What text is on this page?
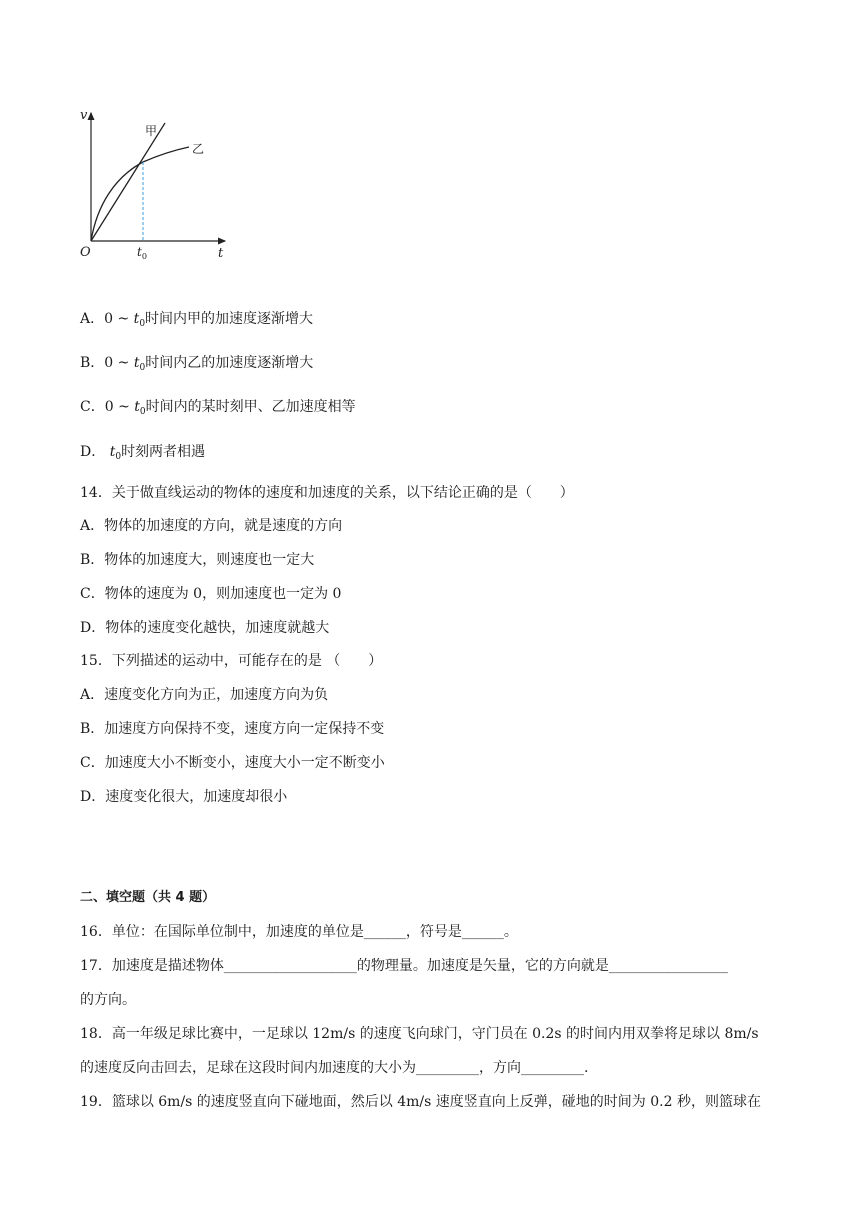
v
t
O	$t_0$
甲
乙
A．0 ~ $t_0$时间内甲的加速度逐渐增大
B．0 ~ $t_0$时间内乙的加速度逐渐增大
C．0 ~ $t_0$时间内的某时刻甲、乙加速度相等
D． $t_0$时刻两者相遇
14．关于做直线运动的物体的速度和加速度的关系，以下结论正确的是（　　）
A．物体的加速度的方向，就是速度的方向
B．物体的加速度大，则速度也一定大
C．物体的速度为 0，则加速度也一定为 0
D．物体的速度变化越快，加速度就越大
15．下列描述的运动中，可能存在的是 （　　）
A．速度变化方向为正，加速度方向为负
B．加速度方向保持不变，速度方向一定保持不变
C．加速度大小不断变小，速度大小一定不断变小
D．速度变化很大，加速度却很小
二、填空题（共 4 题）
16．单位：在国际单位制中，加速度的单位是______，符号是______。
17．加速度是描述物体___________________的物理量。加速度是矢量，它的方向就是_________________
的方向。
18．高一年级足球比赛中，一足球以 12m/s 的速度飞向球门，守门员在 0.2s 的时间内用双拳将足球以 8m/s
的速度反向击回去，足球在这段时间内加速度的大小为_________，方向_________.
19．篮球以 6m/s 的速度竖直向下碰地面，然后以 4m/s 速度竖直向上反弹，碰地的时间为 0.2 秒，则篮球在
